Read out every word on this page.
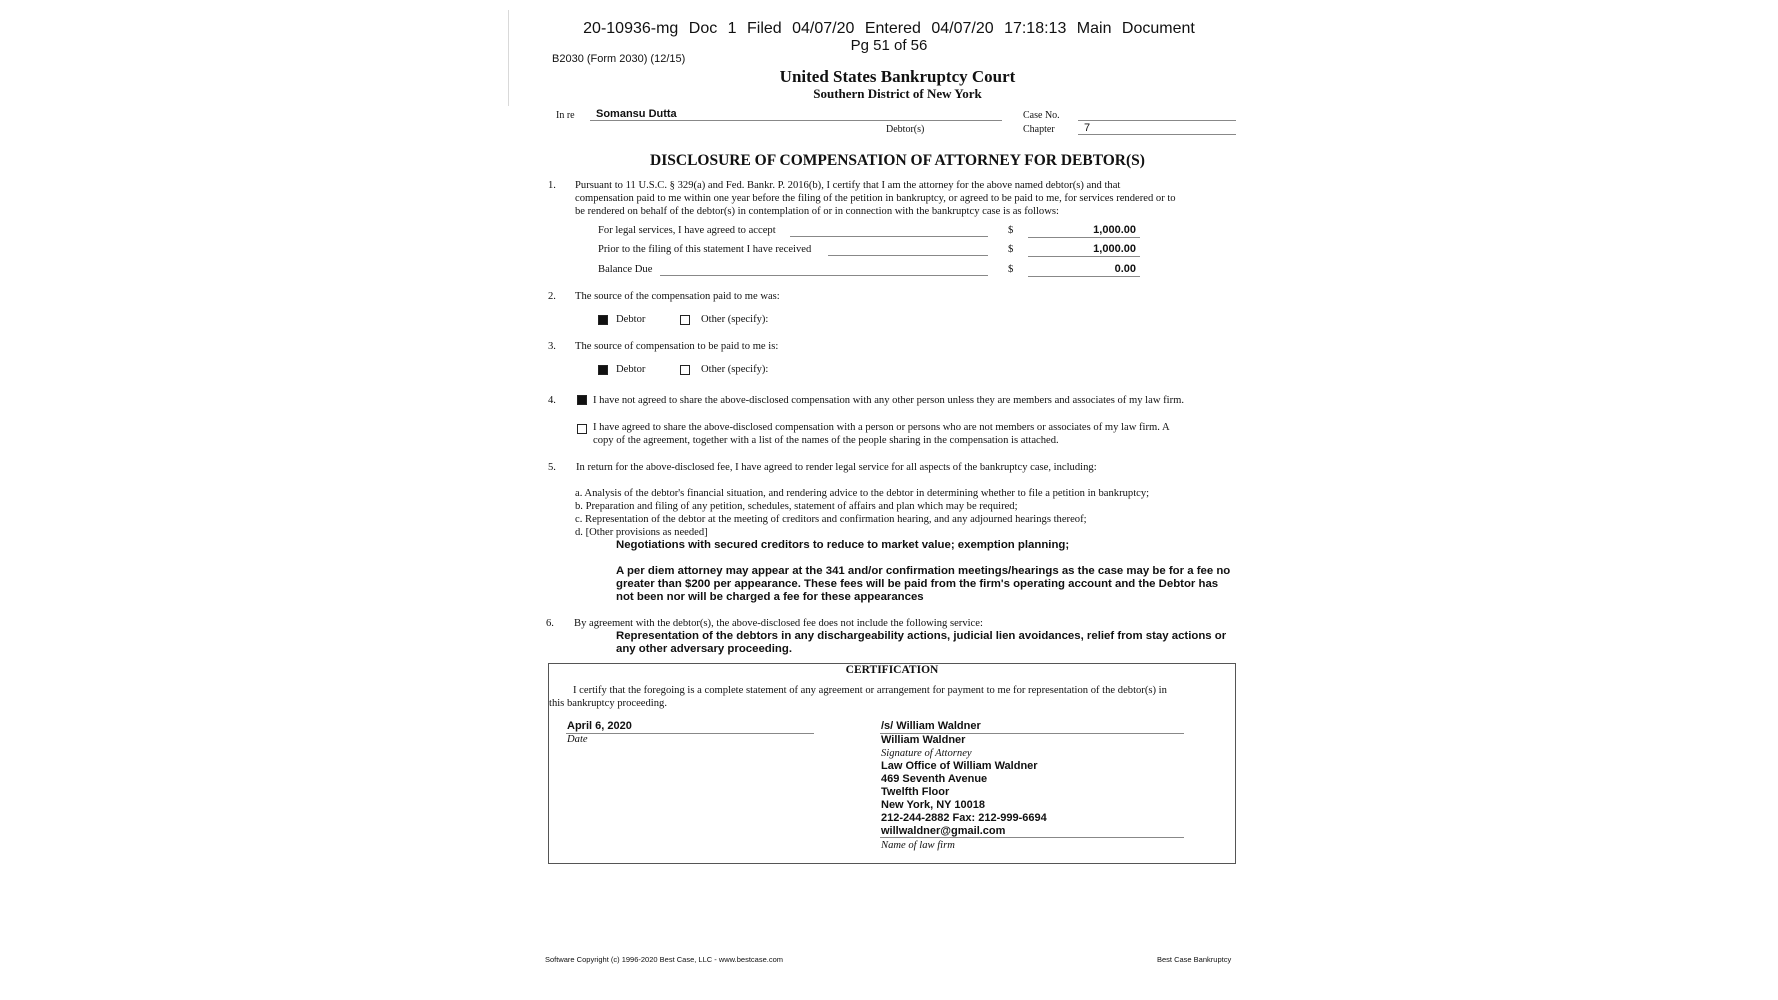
20-10936-mg Doc 1 Filed 04/07/20 Entered 04/07/20 17:18:13 Main Document
Pg 51 of 56
B2030 (Form 2030) (12/15)
United States Bankruptcy Court
Southern District of New York
In re Somansu Dutta
Debtor(s)
Case No.
Chapter	7
DISCLOSURE OF COMPENSATION OF ATTORNEY FOR DEBTOR(S)
1. Pursuant to 11 U.S.C. § 329(a) and Fed. Bankr. P. 2016(b), I certify that I am the attorney for the above named debtor(s) and that
compensation paid to me within one year before the filing of the petition in bankruptcy, or agreed to be paid to me, for services rendered or to
be rendered on behalf of the debtor(s) in contemplation of or in connection with the bankruptcy case is as follows:
For legal services, I have agreed to accept	$	1,000.00
Prior to the filing of this statement I have received	$	1,000.00
Balance Due	$	0.00
2. The source of the compensation paid to me was:
Debtor	Other (specify):
3. The source of compensation to be paid to me is:
Debtor	Other (specify):
4.	I have not agreed to share the above-disclosed compensation with any other person unless they are members and associates of my law firm.
I have agreed to share the above-disclosed compensation with a person or persons who are not members or associates of my law firm. A
copy of the agreement, together with a list of the names of the people sharing in the compensation is attached.
5. In return for the above-disclosed fee, I have agreed to render legal service for all aspects of the bankruptcy case, including:
a. Analysis of the debtor's financial situation, and rendering advice to the debtor in determining whether to file a petition in bankruptcy;
b. Preparation and filing of any petition, schedules, statement of affairs and plan which may be required;
c. Representation of the debtor at the meeting of creditors and confirmation hearing, and any adjourned hearings thereof;
d. [Other provisions as needed]
Negotiations with secured creditors to reduce to market value; exemption planning;
A per diem attorney may appear at the 341 and/or confirmation meetings/hearings as the case may be for a fee no
greater than $200 per appearance. These fees will be paid from the firm's operating account and the Debtor has
not been nor will be charged a fee for these appearances
6. By agreement with the debtor(s), the above-disclosed fee does not include the following service:
Representation of the debtors in any dischargeability actions, judicial lien avoidances, relief from stay actions or
any other adversary proceeding.
CERTIFICATION
I certify that the foregoing is a complete statement of any agreement or arrangement for payment to me for representation of the debtor(s) in
this bankruptcy proceeding.
April 6, 2020
Date
/s/ William Waldner
William Waldner
Signature of Attorney
Law Office of William Waldner
469 Seventh Avenue
Twelfth Floor
New York, NY 10018
212-244-2882 Fax: 212-999-6694
willwaldner@gmail.com
Name of law firm
Software Copyright (c) 1996-2020 Best Case, LLC - www.bestcase.com	Best Case Bankruptcy
